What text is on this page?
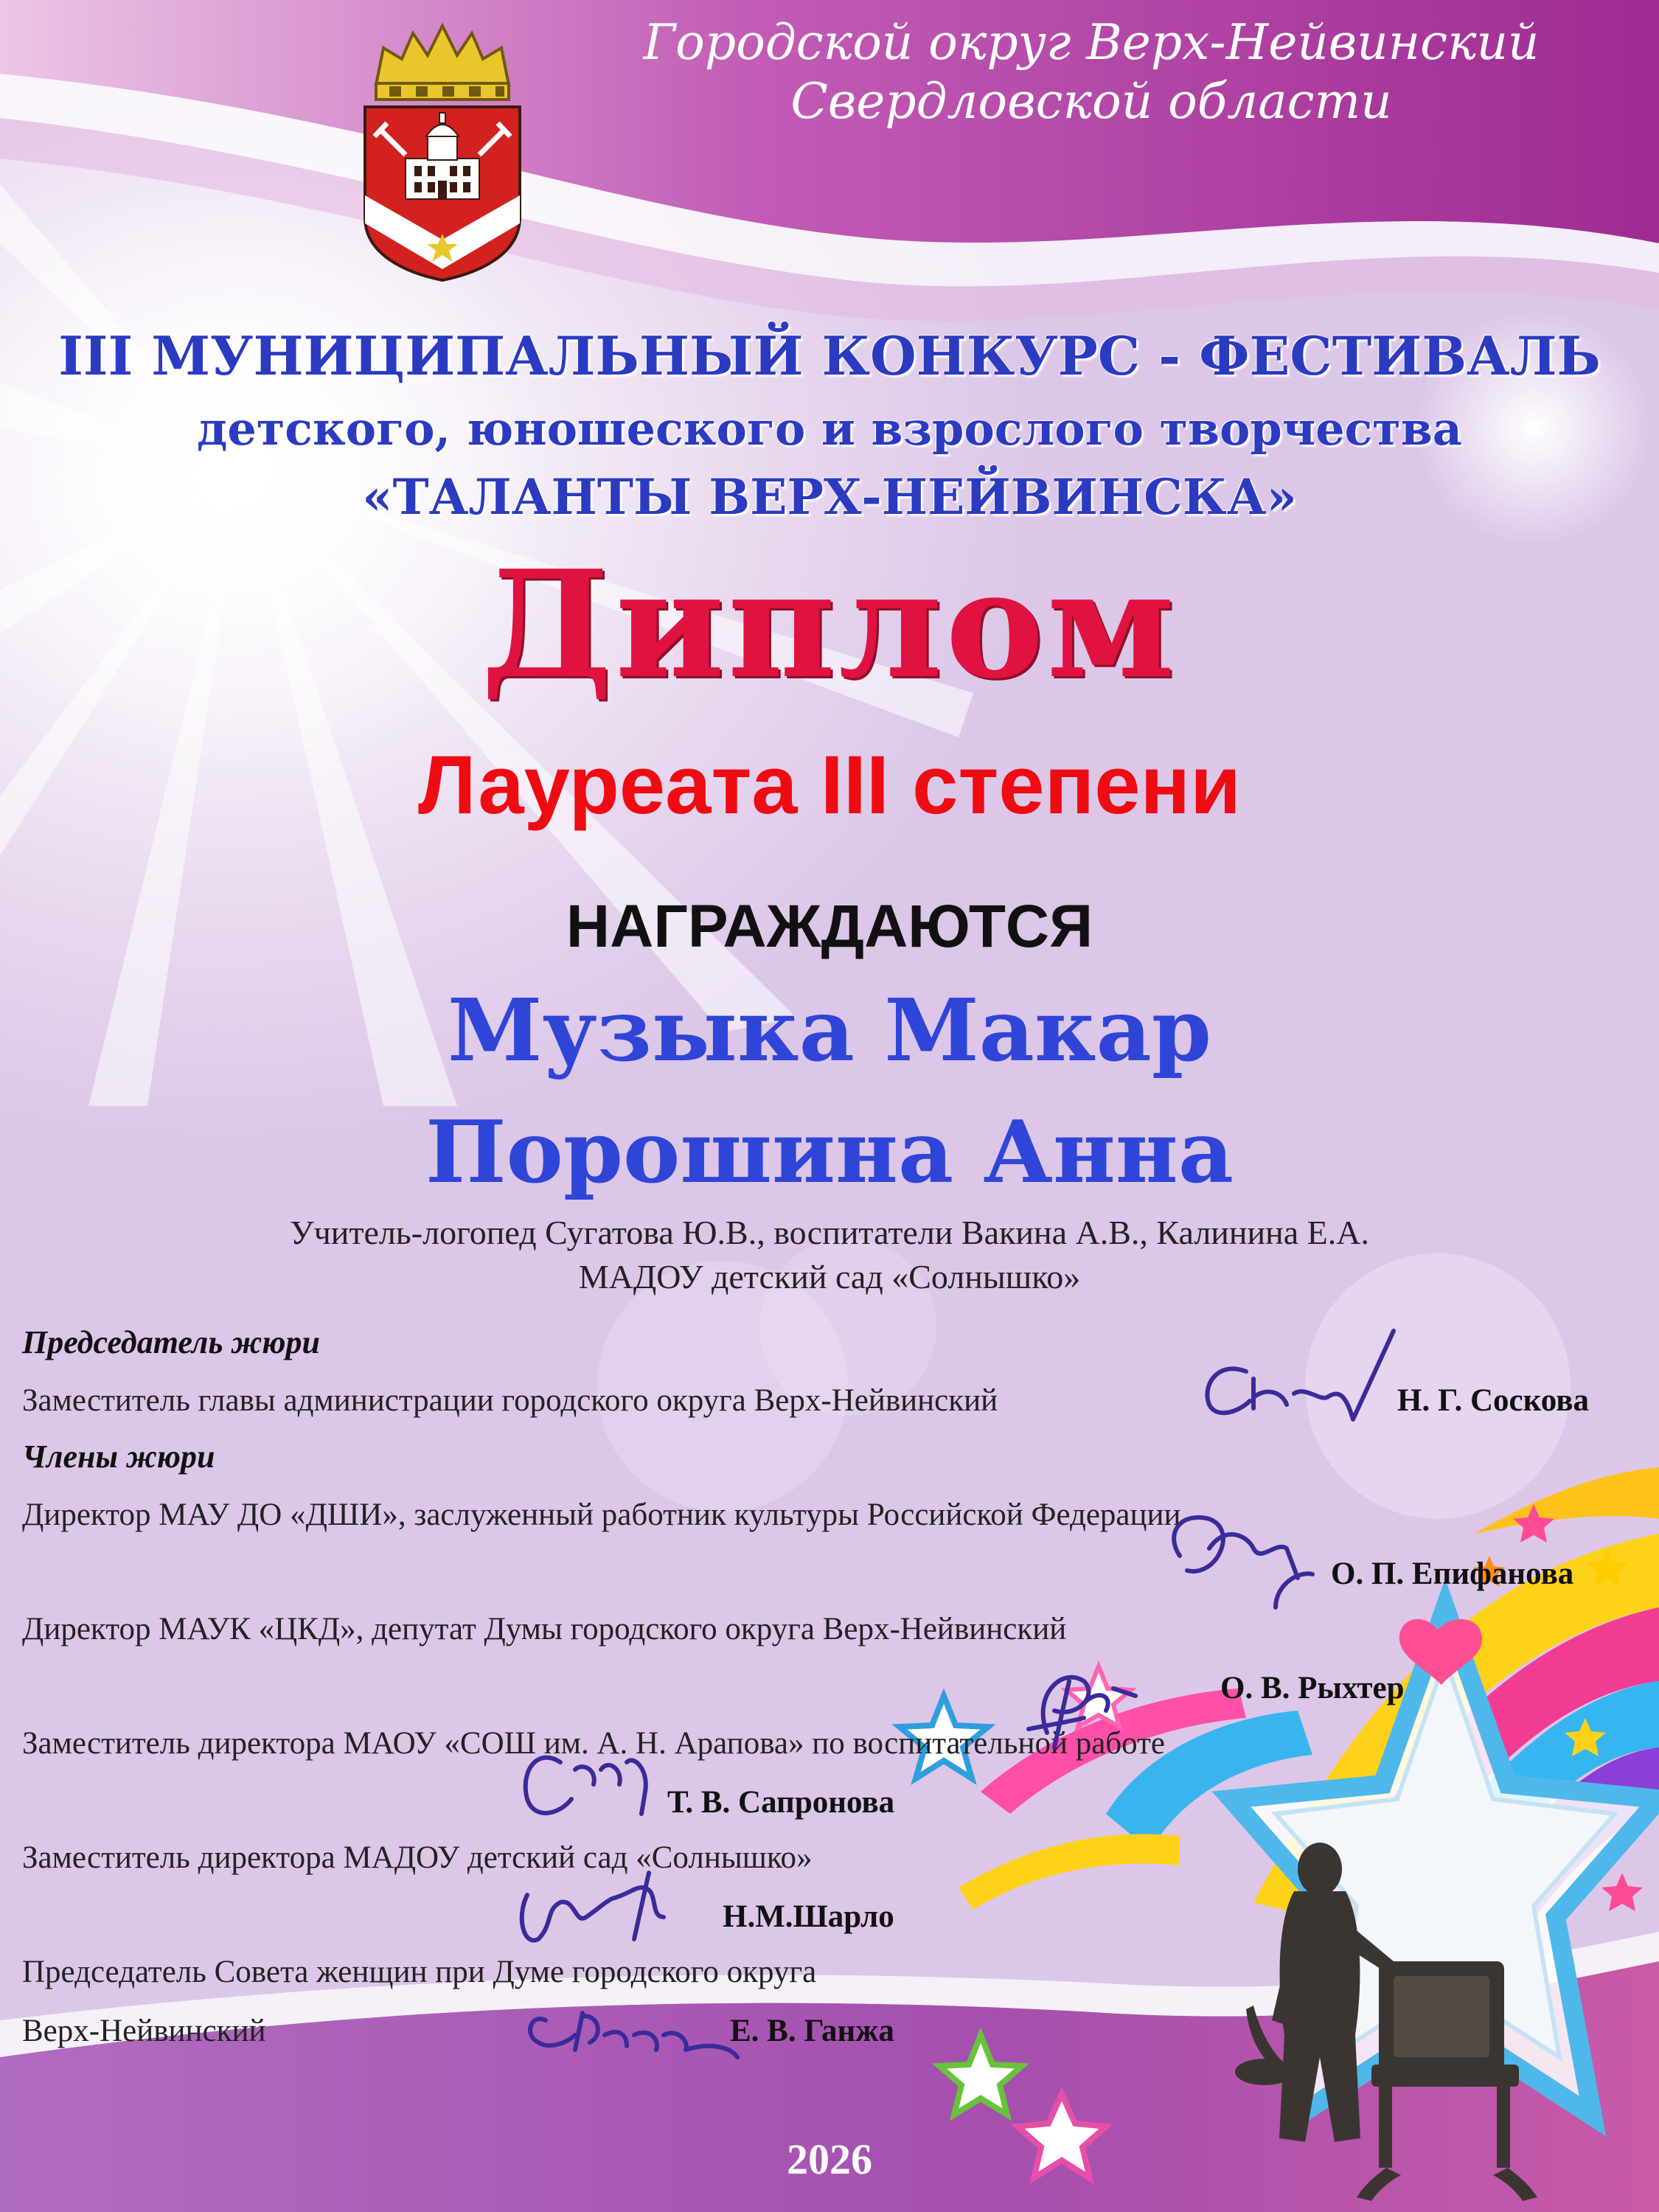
Городской округ Верх-Нейвинский

Свердловской области

III МУНИЦИПАЛЬНЫЙ КОНКУРС - ФЕСТИВАЛЬ

детского, юношеского и взрослого творчества

«ТАЛАНТЫ ВЕРХ-НЕЙВИНСКА»

Диплом

Лауреата III степени

НАГРАЖДАЮТСЯ

Музыка Макар

Порошина Анна

Учитель-логопед Сугатова Ю.В., воспитатели Вакина А.В., Калинина Е.А.

МАДОУ детский сад «Солнышко»

Председатель жюри

Заместитель главы администрации городского округа Верх-Нейвинский	Н. Г. Соскова

Члены жюри

Директор МАУ ДО «ДШИ», заслуженный работник культуры Российской Федерации

О. П. Епифанова

Директор МАУК «ЦКД», депутат Думы городского округа Верх-Нейвинский

О. В. Рыхтер

Заместитель директора МАОУ «СОШ им. А. Н. Арапова» по воспитательной работе

Т. В. Сапронова

Заместитель директора МАДОУ детский сад «Солнышко»

Н.М.Шарло

Председатель Совета женщин при Думе городского округа

Верх-Нейвинский	Е. В. Ганжа

2026
